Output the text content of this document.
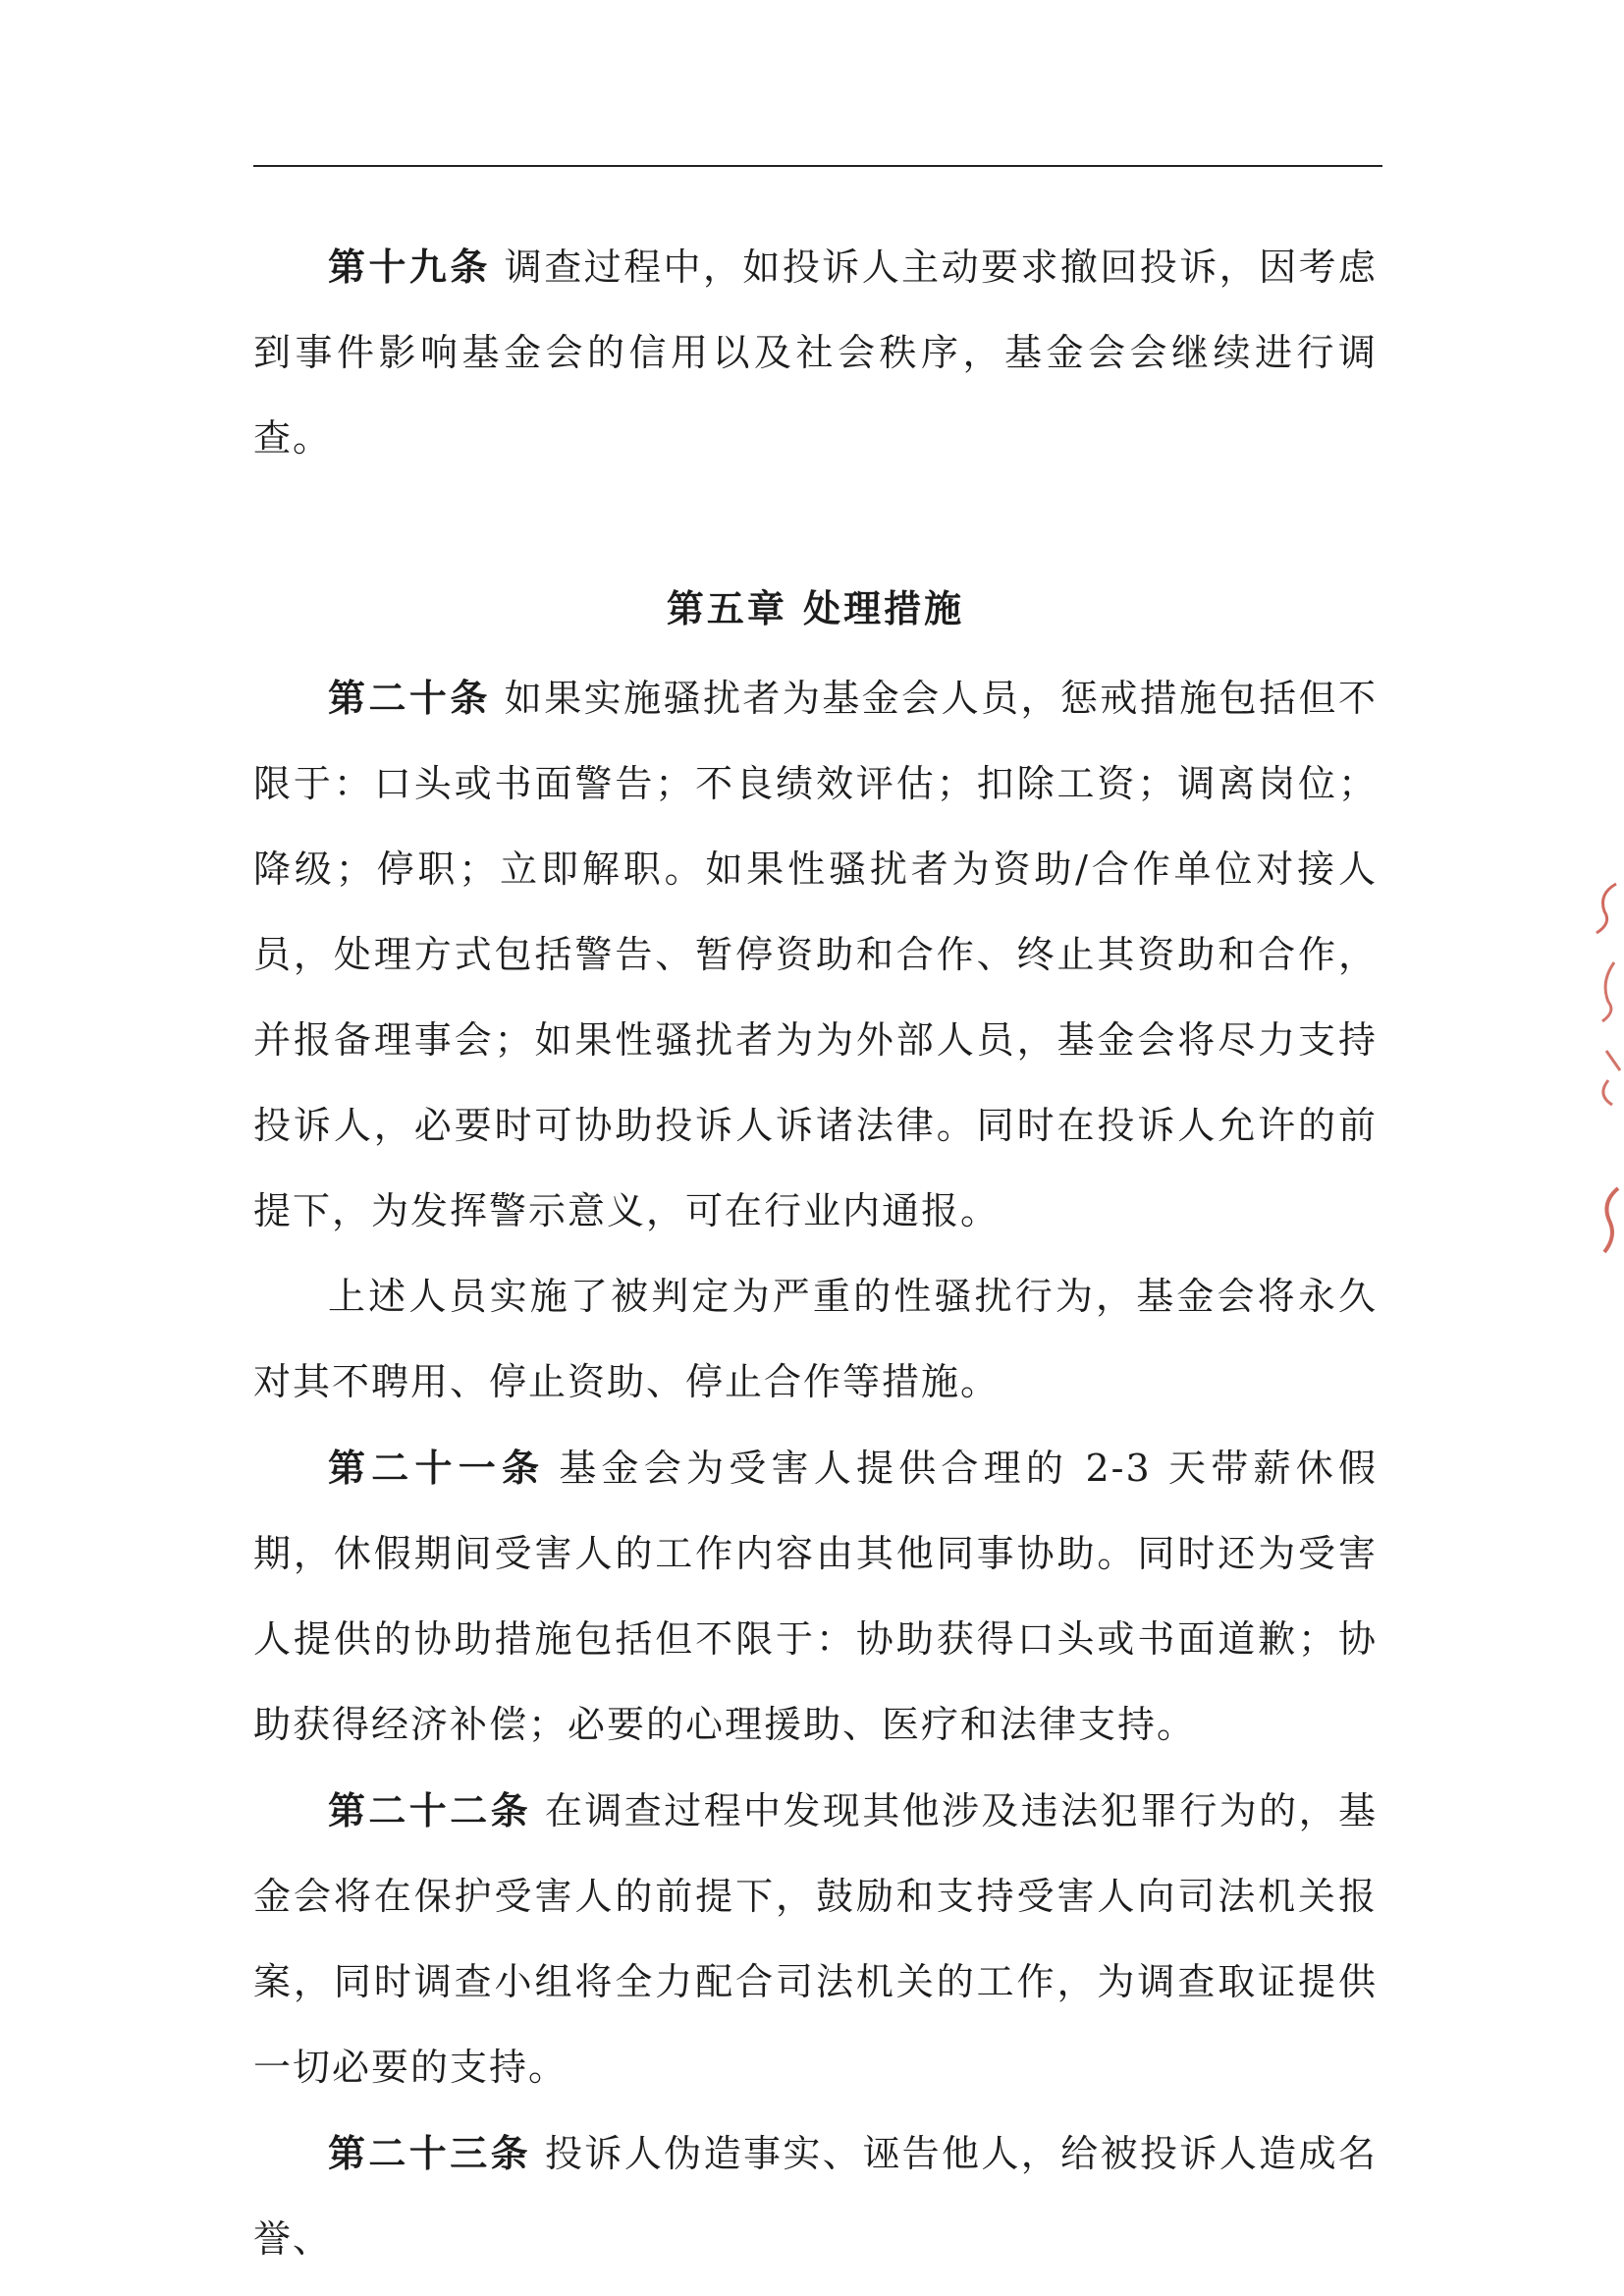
第十九条 调查过程中，如投诉人主动要求撤回投诉，因考虑到事件影响基金会的信用以及社会秩序，基金会会继续进行调查。

第五章 处理措施

第二十条 如果实施骚扰者为基金会人员，惩戒措施包括但不限于：口头或书面警告；不良绩效评估；扣除工资；调离岗位；降级；停职；立即解职。如果性骚扰者为资助/合作单位对接人员，处理方式包括警告、暂停资助和合作、终止其资助和合作，并报备理事会；如果性骚扰者为为外部人员，基金会将尽力支持投诉人，必要时可协助投诉人诉诸法律。同时在投诉人允许的前提下，为发挥警示意义，可在行业内通报。

上述人员实施了被判定为严重的性骚扰行为，基金会将永久对其不聘用、停止资助、停止合作等措施。

第二十一条 基金会为受害人提供合理的 2-3 天带薪休假期，休假期间受害人的工作内容由其他同事协助。同时还为受害人提供的协助措施包括但不限于：协助获得口头或书面道歉；协助获得经济补偿；必要的心理援助、医疗和法律支持。

第二十二条 在调查过程中发现其他涉及违法犯罪行为的，基金会将在保护受害人的前提下，鼓励和支持受害人向司法机关报案，同时调查小组将全力配合司法机关的工作，为调查取证提供一切必要的支持。

第二十三条 投诉人伪造事实、诬告他人，给被投诉人造成名誉、
